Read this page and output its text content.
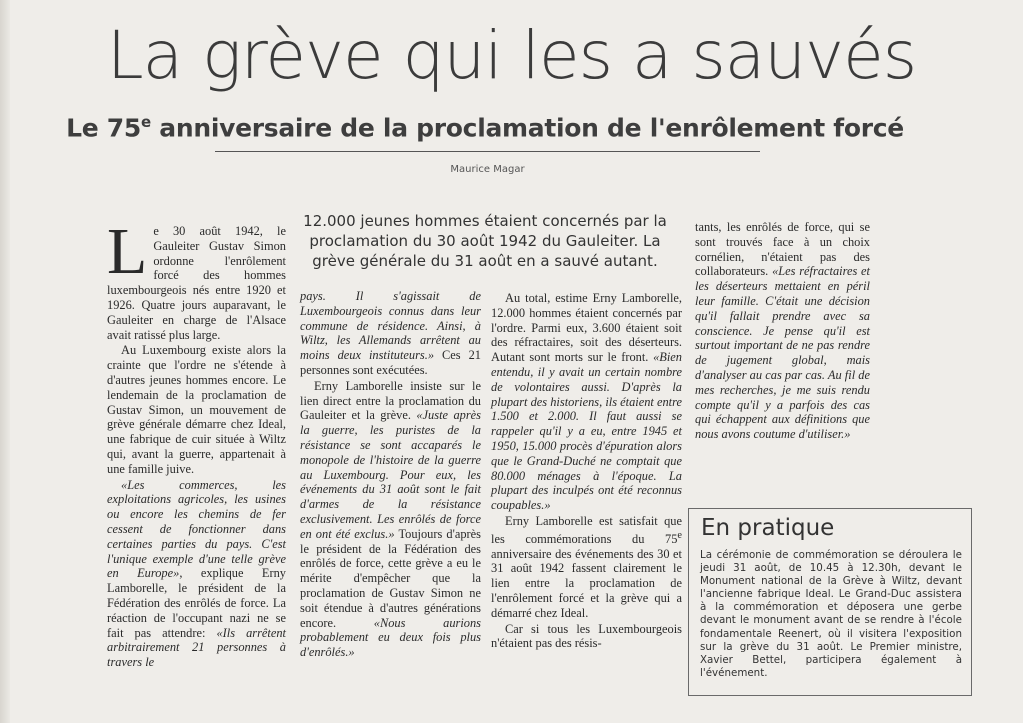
La grève qui les a sauvés
Le 75e anniversaire de la proclamation de l'enrôlement forcé
Maurice Magar

Le 30 août 1942, le Gauleiter Gustav Simon ordonne l'enrôlement forcé des hommes luxembourgeois nés entre 1920 et 1926. Quatre jours auparavant, le Gauleiter en charge de l'Alsace avait ratissé plus large.

Au Luxembourg existe alors la crainte que l'ordre ne s'étende à d'autres jeunes hommes encore. Le lendemain de la proclamation de Gustav Simon, un mouvement de grève générale démarre chez Ideal, une fabrique de cuir située à Wiltz qui, avant la guerre, appartenait à une famille juive.

«Les commerces, les exploitations agricoles, les usines ou encore les chemins de fer cessent de fonctionner dans certaines parties du pays. C'est l'unique exemple d'une telle grève en Europe», explique Erny Lamborelle, le président de la Fédération des enrôlés de force. La réaction de l'occupant nazi ne se fait pas attendre: «Ils arrêtent arbitrairement 21 personnes à travers le

12.000 jeunes hommes étaient concernés par la proclamation du 30 août 1942 du Gauleiter. La grève générale du 31 août en a sauvé autant.

pays. Il s'agissait de Luxembourgeois connus dans leur commune de résidence. Ainsi, à Wiltz, les Allemands arrêtent au moins deux instituteurs.» Ces 21 personnes sont exécutées.

Erny Lamborelle insiste sur le lien direct entre la proclamation du Gauleiter et la grève. «Juste après la guerre, les puristes de la résistance se sont accaparés le monopole de l'histoire de la guerre au Luxembourg. Pour eux, les événements du 31 août sont le fait d'armes de la résistance exclusivement. Les enrôlés de force en ont été exclus.» Toujours d'après le président de la Fédération des enrôlés de force, cette grève a eu le mérite d'empêcher que la proclamation de Gustav Simon ne soit étendue à d'autres générations encore. «Nous aurions probablement eu deux fois plus d'enrôlés.»

Au total, estime Erny Lamborelle, 12.000 hommes étaient concernés par l'ordre. Parmi eux, 3.600 étaient soit des réfractaires, soit des déserteurs. Autant sont morts sur le front. «Bien entendu, il y avait un certain nombre de volontaires aussi. D'après la plupart des historiens, ils étaient entre 1.500 et 2.000. Il faut aussi se rappeler qu'il y a eu, entre 1945 et 1950, 15.000 procès d'épuration alors que le Grand-Duché ne comptait que 80.000 ménages à l'époque. La plupart des inculpés ont été reconnus coupables.»

Erny Lamborelle est satisfait que les commémorations du 75e anniversaire des événements des 30 et 31 août 1942 fassent clairement le lien entre la proclamation de l'enrôlement forcé et la grève qui a démarré chez Ideal.

Car si tous les Luxembourgeois n'étaient pas des résis-

tants, les enrôlés de force, qui se sont trouvés face à un choix cornélien, n'étaient pas des collaborateurs. «Les réfractaires et les déserteurs mettaient en péril leur famille. C'était une décision qu'il fallait prendre avec sa conscience. Je pense qu'il est surtout important de ne pas rendre de jugement global, mais d'analyser au cas par cas. Au fil de mes recherches, je me suis rendu compte qu'il y a parfois des cas qui échappent aux définitions que nous avons coutume d'utiliser.»

En pratique
La cérémonie de commémoration se déroulera le jeudi 31 août, de 10.45 à 12.30h, devant le Monument national de la Grève à Wiltz, devant l'ancienne fabrique Ideal. Le Grand-Duc assistera à la commémoration et déposera une gerbe devant le monument avant de se rendre à l'école fondamentale Reenert, où il visitera l'exposition sur la grève du 31 août. Le Premier ministre, Xavier Bettel, participera également à l'événement.
